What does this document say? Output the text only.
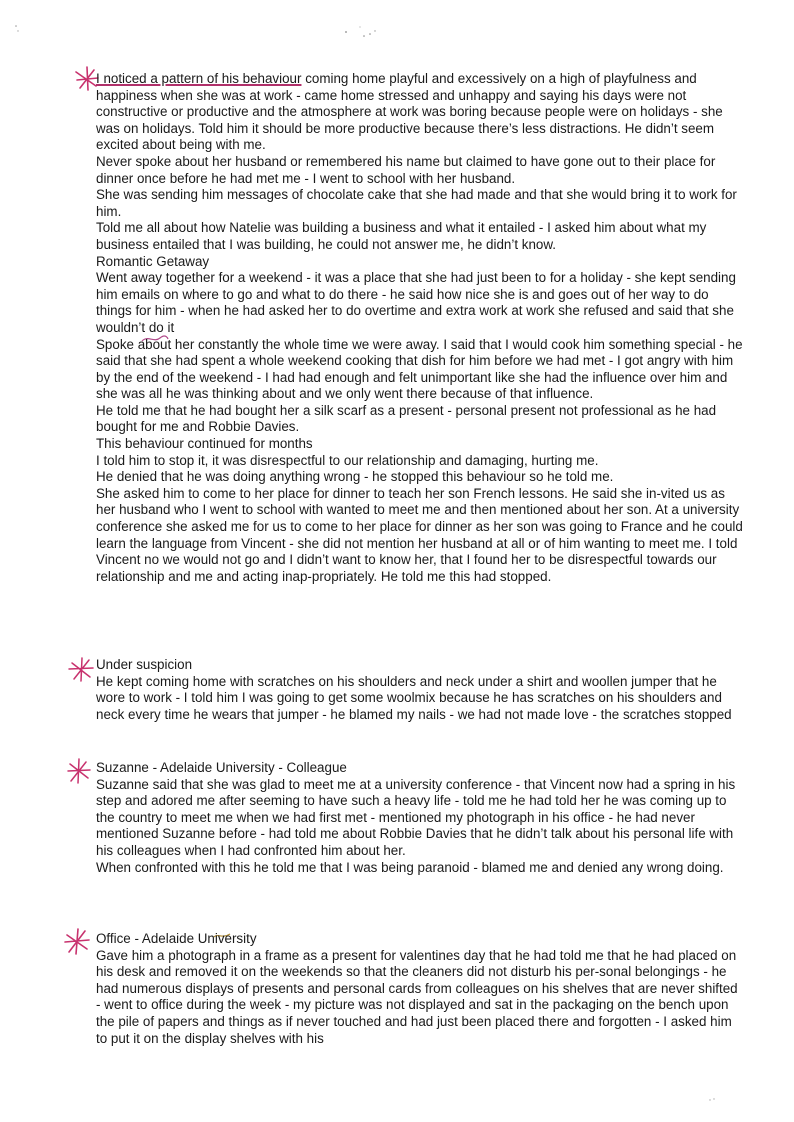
I noticed a pattern of his behaviour coming home playful and excessively on a high of playfulness and happiness when she was at work - came home stressed and unhappy and saying his days were not constructive or productive and the atmosphere at work was boring because people were on holidays - she was on holidays. Told him it should be more productive because there’s less distractions. He didn’t seem excited about being with me.

Never spoke about her husband or remembered his name but claimed to have gone out to their place for dinner once before he had met me - I went to school with her husband.

She was sending him messages of chocolate cake that she had made and that she would bring it to work for him.

Told me all about how Natelie was building a business and what it entailed - I asked him about what my business entailed that I was building, he could not answer me, he didn’t know.

Romantic Getaway

Went away together for a weekend - it was a place that she had just been to for a holiday - she kept sending him emails on where to go and what to do there - he said how nice she is and goes out of her way to do things for him - when he had asked her to do overtime and extra work at work she refused and said that she wouldn’t do it

Spoke about her constantly the whole time we were away. I said that I would cook him something special - he said that she had spent a whole weekend cooking that dish for him before we had met - I got angry with him by the end of the weekend - I had had enough and felt unimportant like she had the influence over him and she was all he was thinking about and we only went there because of that influence.

He told me that he had bought her a silk scarf as a present - personal present not professional as he had bought for me and Robbie Davies.

This behaviour continued for months

I told him to stop it, it was disrespectful to our relationship and damaging, hurting me.

He denied that he was doing anything wrong - he stopped this behaviour so he told me.

She asked him to come to her place for dinner to teach her son French lessons. He said she in-vited us as her husband who I went to school with wanted to meet me and then mentioned about her son. At a university conference she asked me for us to come to her place for dinner as her son was going to France and he could learn the language from Vincent - she did not mention her husband at all or of him wanting to meet me. I told Vincent no we would not go and I didn’t want to know her, that I found her to be disrespectful towards our relationship and me and acting inap-propriately. He told me this had stopped.

Under suspicion

He kept coming home with scratches on his shoulders and neck under a shirt and woollen jumper that he wore to work - I told him I was going to get some woolmix because he has scratches on his shoulders and neck every time he wears that jumper - he blamed my nails - we had not made love - the scratches stopped

Suzanne - Adelaide University - Colleague

Suzanne said that she was glad to meet me at a university conference - that Vincent now had a spring in his step and adored me after seeming to have such a heavy life - told me he had told her he was coming up to the country to meet me when we had first met - mentioned my photograph in his office - he had never mentioned Suzanne before - had told me about Robbie Davies that he didn’t talk about his personal life with his colleagues when I had confronted him about her.

When confronted with this he told me that I was being paranoid - blamed me and denied any wrong doing.

Office - Adelaide University

Gave him a photograph in a frame as a present for valentines day that he had told me that he had placed on his desk and removed it on the weekends so that the cleaners did not disturb his per-sonal belongings - he had numerous displays of presents and personal cards from colleagues on his shelves that are never shifted - went to office during the week - my picture was not displayed and sat in the packaging on the bench upon the pile of papers and things as if never touched and had just been placed there and forgotten - I asked him to put it on the display shelves with his
